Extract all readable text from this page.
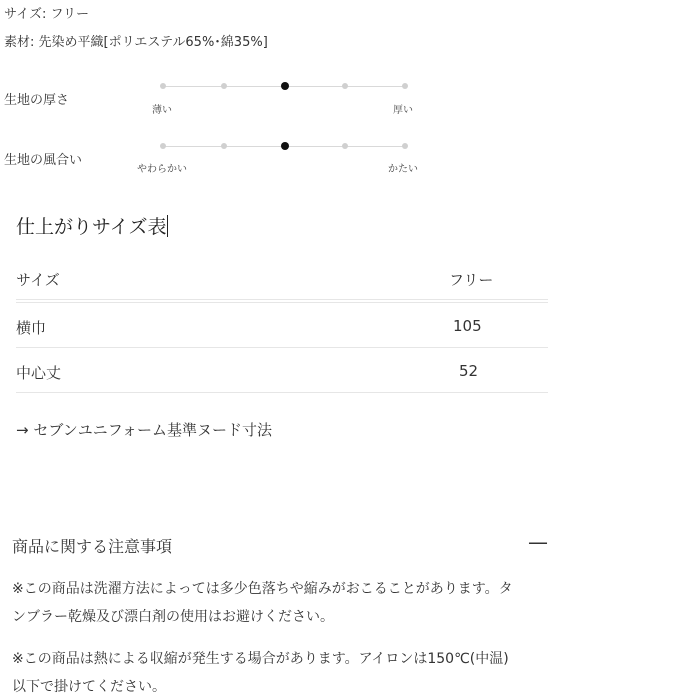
サイズ: フリー
素材: 先染め平織[ポリエステル65%･綿35%]
生地の厚さ
薄い	厚い
生地の風合い
やわらかい	かたい
仕上がりサイズ表
サイズ	フリー
横巾	105
中心丈	52
→ セブンユニフォーム基準ヌード寸法
商品に関する注意事項	—
※この商品は洗濯方法によっては多少色落ちや縮みがおこることがあります。タ
ンブラー乾燥及び漂白剤の使用はお避けください。
※この商品は熱による収縮が発生する場合があります。アイロンは150℃(中温)
以下で掛けてください。
